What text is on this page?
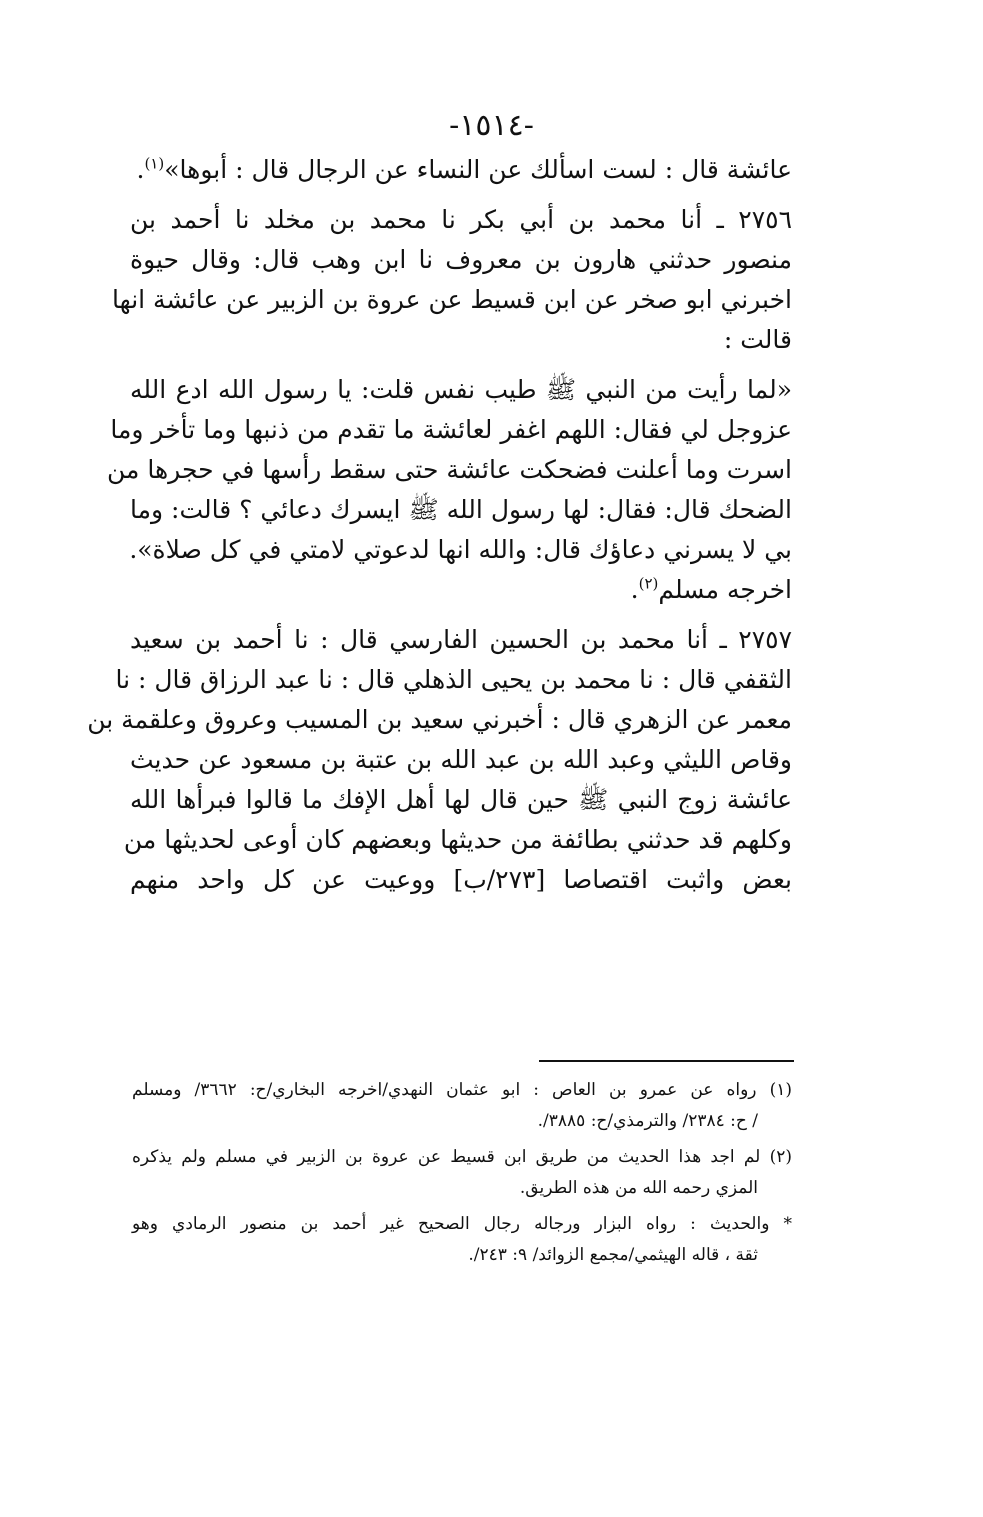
-١٥١٤-
عائشة قال : لست اسألك عن النساء عن الرجال قال : أبوها»$^{(١)}$.
٢٧٥٦ ـ أنا محمد بن أبي بكر نا محمد بن مخلد نا أحمد بن
منصور حدثني هارون بن معروف نا ابن وهب قال: وقال حيوة
اخبرني ابو صخر عن ابن قسيط عن عروة بن الزبير عن عائشة انها
قالت :
«لما رأيت من النبي ﷺ طيب نفس قلت: يا رسول الله ادع الله
عزوجل لي فقال: اللهم اغفر لعائشة ما تقدم من ذنبها وما تأخر وما
اسرت وما أعلنت فضحكت عائشة حتى سقط رأسها في حجرها من
الضحك قال: فقال: لها رسول الله ﷺ ايسرك دعائي ؟ قالت: وما
بي لا يسرني دعاؤك قال: والله انها لدعوتي لامتي في كل صلاة».
اخرجه مسلم$^{(٢)}$.
٢٧٥٧ ـ أنا محمد بن الحسين الفارسي قال : نا أحمد بن سعيد
الثقفي قال : نا محمد بن يحيى الذهلي قال : نا عبد الرزاق قال : نا
معمر عن الزهري قال : أخبرني سعيد بن المسيب وعروق وعلقمة بن
وقاص الليثي وعبد الله بن عبد الله بن عتبة بن مسعود عن حديث
عائشة زوج النبي ﷺ حين قال لها أهل الإفك ما قالوا فبرأها الله
وكلهم قد حدثني بطائفة من حديثها وبعضهم كان أوعى لحديثها من
بعض واثبت اقتصاصا [٢٧٣/ب] ووعيت عن كل واحد منهم
(١) رواه عن عمرو بن العاص : ابو عثمان النهدي/اخرجه البخاري/ح: ٣٦٦٢/ ومسلم
/ ح: ٢٣٨٤/ والترمذي/ح: ٣٨٨٥/.
(٢) لم اجد هذا الحديث من طريق ابن قسيط عن عروة بن الزبير في مسلم ولم يذكره
المزي رحمه الله من هذه الطريق.
* والحديث : رواه البزار ورجاله رجال الصحيح غير أحمد بن منصور الرمادي وهو
ثقة ، قاله الهيثمي/مجمع الزوائد/ ٩: ٢٤٣/.
